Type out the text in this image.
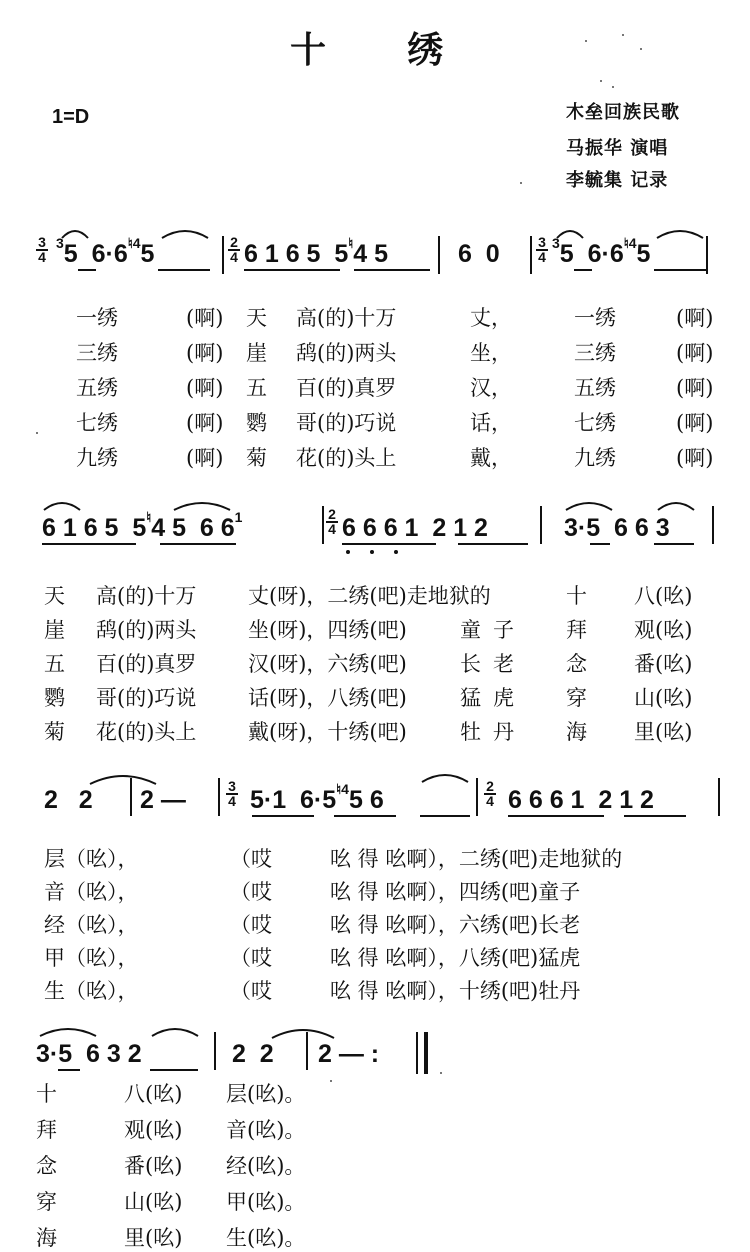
十 绣
1=D	木垒回族民歌
马振华 演唱
李毓集 记录
$\frac{3}{4} ^35$  $6\cdot 6^{♮4}5$	$\frac{2}{4} 6$ 1 6 5  5♮4 5	6  0	$\frac{3}{4} ^35$  $6\cdot 6^{♮4}5$
一绣	(啊) 天 高(的)十万	丈，	一绣	(啊)
三绣	(啊) 崖 鸹(的)两头	坐，	三绣	(啊)
五绣	(啊) 五 百(的)真罗	汉，	五绣	(啊)
七绣	(啊) 鹦 哥(的)巧说	话，	七绣	(啊)
九绣	(啊) 菊 花(的)头上	戴，	九绣	(啊)
6 1 6 5  5♮4 5  6 $6^1$	$\frac{2}{4} 6$ 6 6 1  2 1 2	3·5  6 6 3
天 高(的)十万 丈(呀)，二绣(吧)走地狱的	十 八(吆)
崖 鸹(的)两头 坐(呀)，四绣(吧)	童子 拜 观(吆)
五 百(的)真罗 汉(呀)，六绣(吧)	长老 念 番(吆)
鹦 哥(的)巧说 话(呀)，八绣(吧)	猛虎 穿 山(吆)
菊 花(的)头上 戴(呀)，十绣(吧)	牡丹 海 里(吆)
2   2 2 —	$\frac{3}{4} 5\cdot 1$  $6\cdot 5^{♮4}5$ 6	$\frac{2}{4} 6$ 6 6 1  2 1 2
层（吆），	（哎	吆 得 吆啊），二绣(吧)走地狱的
音（吆），	（哎	吆 得 吆啊），四绣(吧)童子
经（吆），	（哎	吆 得 吆啊），六绣(吧)长老
甲（吆），	（哎	吆 得 吆啊），八绣(吧)猛虎
生（吆），	（哎	吆 得 吆啊），十绣(吧)牡丹
3·5  6 3 2	2  2 2 — :
十	八(吆) 层(吆)。
拜	观(吆) 音(吆)。
念	番(吆) 经(吆)。
穿	山(吆) 甲(吆)。
海	里(吆) 生(吆)。
